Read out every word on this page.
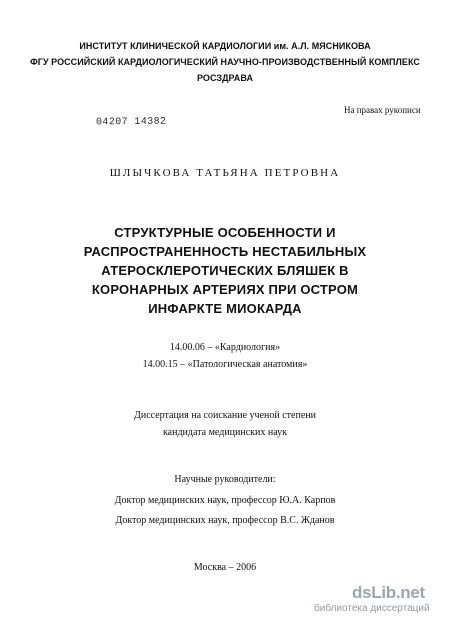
ИНСТИТУТ КЛИНИЧЕСКОЙ КАРДИОЛОГИИ им. А.Л. МЯСНИКОВА
ФГУ РОССИЙСКИЙ КАРДИОЛОГИЧЕСКИЙ НАУЧНО-ПРОИЗВОДСТВЕННЫЙ КОМПЛЕКС
РОСЗДРАВА
На правах рукописи
04207 14382
ШЛЫЧКОВА ТАТЬЯНА ПЕТРОВНА
СТРУКТУРНЫЕ ОСОБЕННОСТИ И
РАСПРОСТРАНЕННОСТЬ НЕСТАБИЛЬНЫХ
АТЕРОСКЛЕРОТИЧЕСКИХ БЛЯШЕК В
КОРОНАРНЫХ АРТЕРИЯХ ПРИ ОСТРОМ
ИНФАРКТЕ МИОКАРДА
14.00.06 – «Кардиология»
14.00.15 – «Патологическая анатомия»
Диссертация на соискание ученой степени
кандидата медицинских наук
Научные руководители:
Доктор медицинских наук, профессор Ю.А. Карпов
Доктор медицинских наук, профессор В.С. Жданов
Москва – 2006
dsLib.net
библиотека диссертаций
